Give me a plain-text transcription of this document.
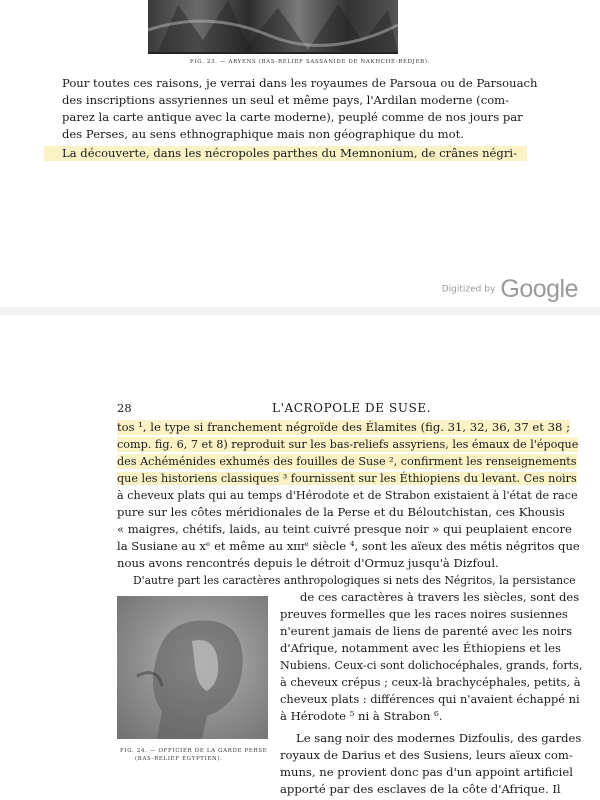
FIG. 23. — ARYENS (BAS-RELIEF SASSANIDE DE NAKHCHÉ-RÉDJEB).
Pour toutes ces raisons, je verrai dans les royaumes de Parsoua ou de Parsouach
des inscriptions assyriennes un seul et même pays, l'Ardilan moderne (com-
parez la carte antique avec la carte moderne), peuplé comme de nos jours par
des Perses, au sens ethnographique mais non géographique du mot.
La découverte, dans les nécropoles parthes du Memnonium, de crânes négri-
Digitized by Google
28	L'ACROPOLE DE SUSE.
tos ¹, le type si franchement négroïde des Élamites (fig. 31, 32, 36, 37 et 38 ;
comp. fig. 6, 7 et 8) reproduit sur les bas-reliefs assyriens, les émaux de l'époque
des Achéménides exhumés des fouilles de Suse ², confirment les renseignements
que les historiens classiques ³ fournissent sur les Éthiopiens du levant. Ces noirs
à cheveux plats qui au temps d'Hérodote et de Strabon existaient à l'état de race
pure sur les côtes méridionales de la Perse et du Béloutchistan, ces Khousis
« maigres, chétifs, laids, au teint cuivré presque noir » qui peuplaient encore
la Susiane au xᵉ et même au xɪɪɪᵉ siècle ⁴, sont les aïeux des métis négritos que
nous avons rencontrés depuis le détroit d'Ormuz jusqu'à Dizfoul.
D'autre part les caractères anthropologiques si nets des Négritos, la persistance
de ces caractères à travers les siècles, sont des
preuves formelles que les races noires susiennes
n'eurent jamais de liens de parenté avec les noirs
d'Afrique, notamment avec les Éthiopiens et les
Nubiens. Ceux-ci sont dolichocéphales, grands, forts,
à cheveux crépus ; ceux-là brachycéphales, petits, à
cheveux plats : différences qui n'avaient échappé ni
à Hérodote ⁵ ni à Strabon ⁶.
Le sang noir des modernes Dizfoulis, des gardes
royaux de Darius et des Susiens, leurs aïeux com-
muns, ne provient donc pas d'un appoint artificiel
apporté par des esclaves de la côte d'Afrique. Il
FIG. 24. — OFFICIER DE LA GARDE PERSE
(BAS-RELIEF ÉGYPTIEN).
